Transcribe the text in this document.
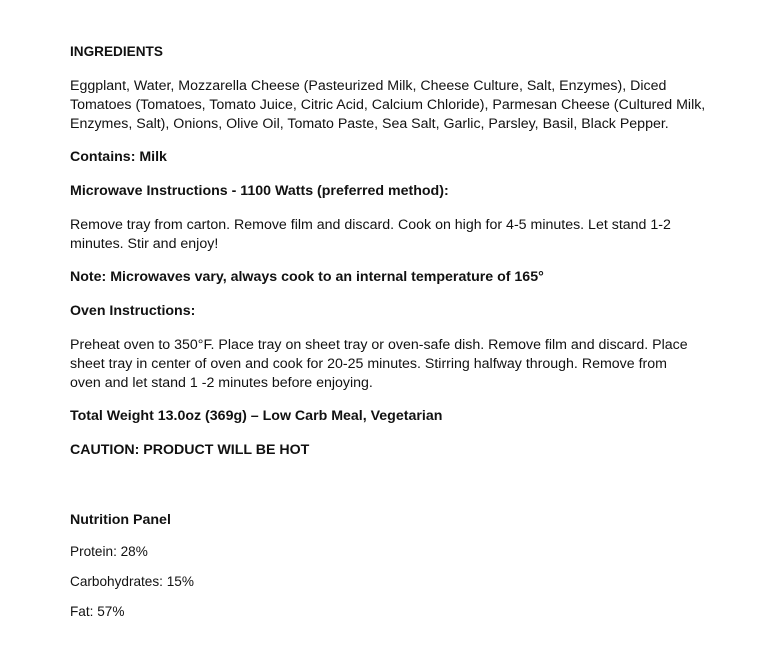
INGREDIENTS

Eggplant, Water, Mozzarella Cheese (Pasteurized Milk, Cheese Culture, Salt, Enzymes), Diced
Tomatoes (Tomatoes, Tomato Juice, Citric Acid, Calcium Chloride), Parmesan Cheese (Cultured Milk,
Enzymes, Salt), Onions, Olive Oil, Tomato Paste, Sea Salt, Garlic, Parsley, Basil, Black Pepper.

Contains: Milk

Microwave Instructions - 1100 Watts (preferred method):

Remove tray from carton. Remove film and discard. Cook on high for 4-5 minutes. Let stand 1-2
minutes. Stir and enjoy!

Note: Microwaves vary, always cook to an internal temperature of 165°

Oven Instructions:

Preheat oven to 350°F. Place tray on sheet tray or oven-safe dish. Remove film and discard. Place
sheet tray in center of oven and cook for 20-25 minutes. Stirring halfway through. Remove from
oven and let stand 1 -2 minutes before enjoying.

Total Weight 13.0oz (369g) – Low Carb Meal, Vegetarian

CAUTION: PRODUCT WILL BE HOT

Nutrition Panel

Protein: 28%

Carbohydrates: 15%

Fat: 57%
